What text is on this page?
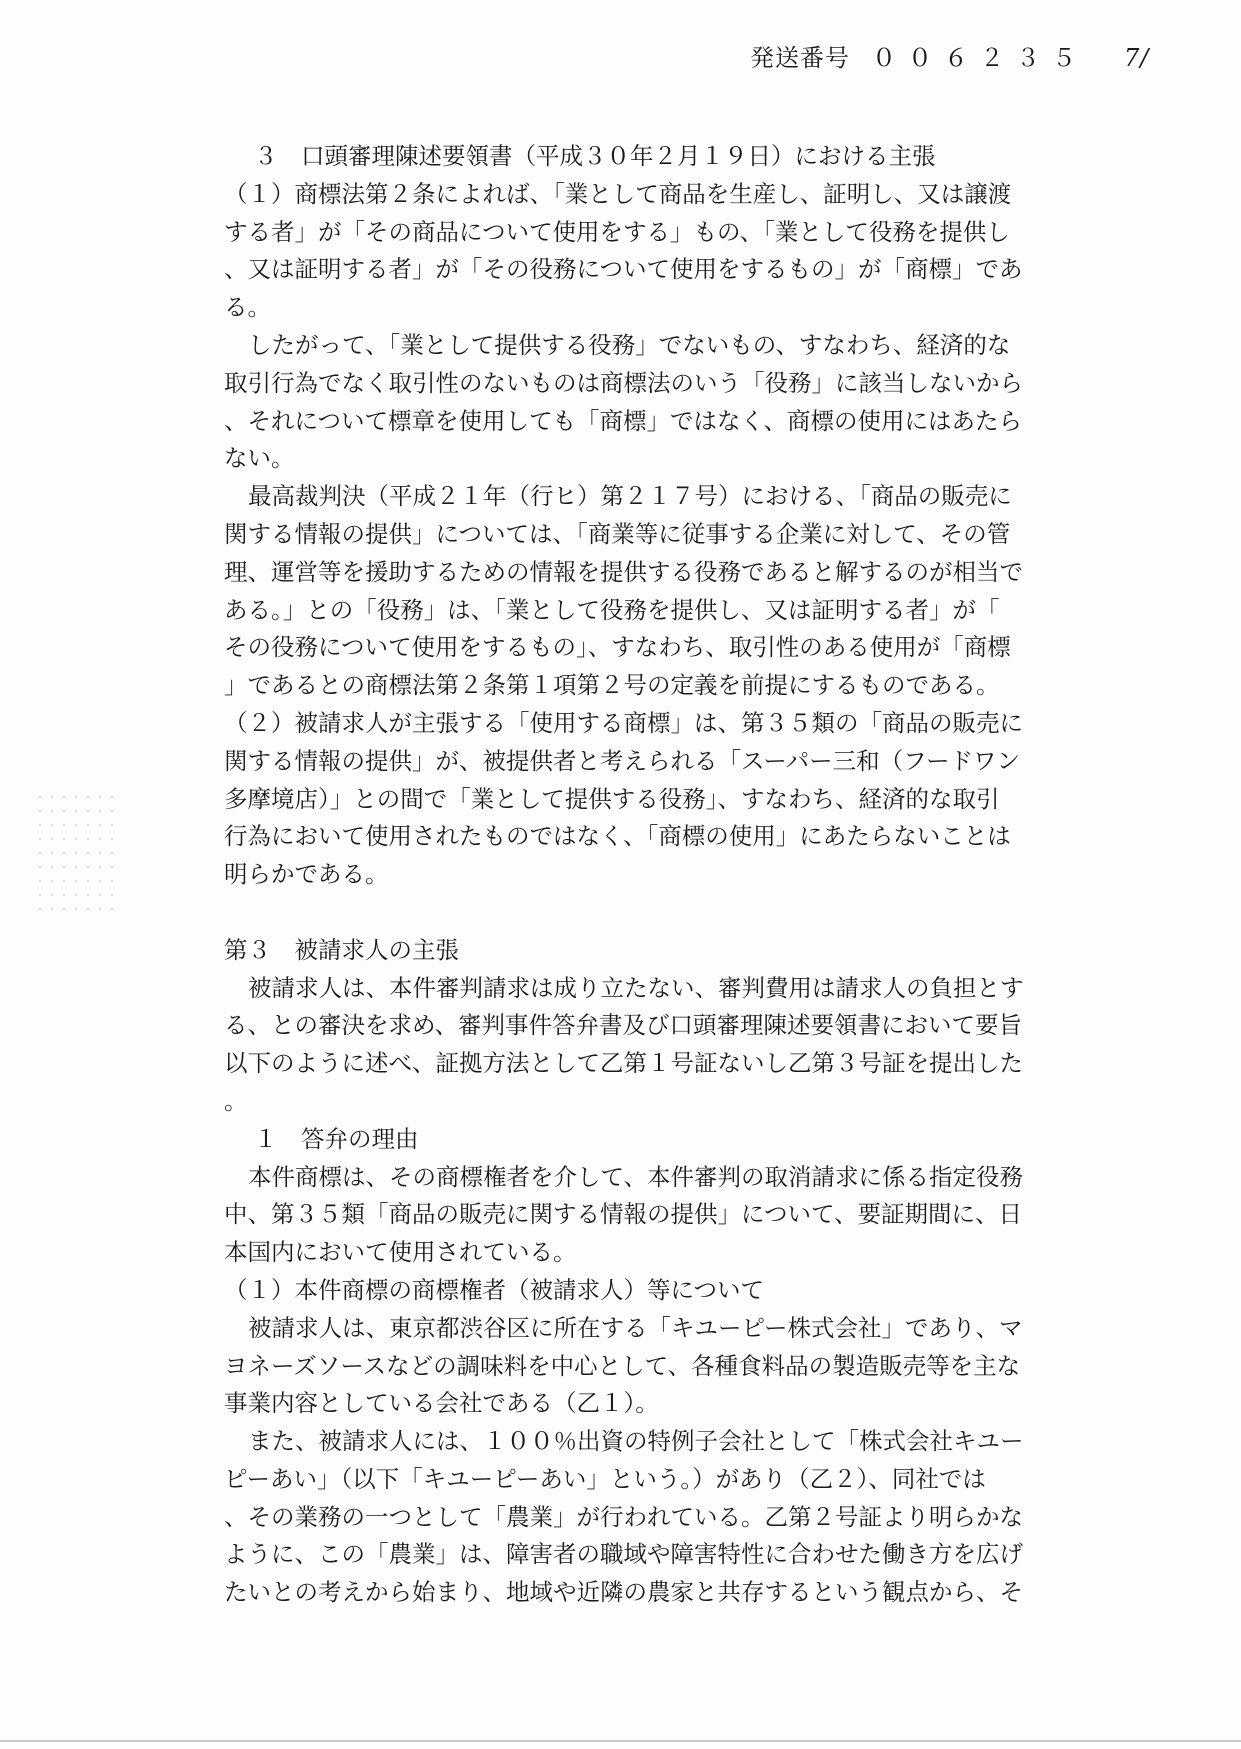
発送番号 ００６２３５ 7/
３　口頭審理陳述要領書（平成３０年２月１９日）における主張
（１）商標法第２条によれば、「業として商品を生産し、証明し、又は譲渡
する者」が「その商品について使用をする」もの、「業として役務を提供し
、又は証明する者」が「その役務について使用をするもの」が「商標」であ
る。
したがって、「業として提供する役務」でないもの、すなわち、経済的な
取引行為でなく取引性のないものは商標法のいう「役務」に該当しないから
、それについて標章を使用しても「商標」ではなく、商標の使用にはあたら
ない。
最高裁判決（平成２１年（行ヒ）第２１７号）における、「商品の販売に
関する情報の提供」については、「商業等に従事する企業に対して、その管
理、運営等を援助するための情報を提供する役務であると解するのが相当で
ある。」との「役務」は、「業として役務を提供し、又は証明する者」が「
その役務について使用をするもの」、すなわち、取引性のある使用が「商標
」であるとの商標法第２条第１項第２号の定義を前提にするものである。
（２）被請求人が主張する「使用する商標」は、第３５類の「商品の販売に
関する情報の提供」が、被提供者と考えられる「スーパー三和（フードワン
多摩境店）」との間で「業として提供する役務」、すなわち、経済的な取引
行為において使用されたものではなく、「商標の使用」にあたらないことは
明らかである。
第３　被請求人の主張
被請求人は、本件審判請求は成り立たない、審判費用は請求人の負担とす
る、との審決を求め、審判事件答弁書及び口頭審理陳述要領書において要旨
以下のように述べ、証拠方法として乙第１号証ないし乙第３号証を提出した
。
１　答弁の理由
本件商標は、その商標権者を介して、本件審判の取消請求に係る指定役務
中、第３５類「商品の販売に関する情報の提供」について、要証期間に、日
本国内において使用されている。
（１）本件商標の商標権者（被請求人）等について
被請求人は、東京都渋谷区に所在する「キユーピー株式会社」であり、マ
ヨネーズソースなどの調味料を中心として、各種食料品の製造販売等を主な
事業内容としている会社である（乙１）。
また、被請求人には、１００％出資の特例子会社として「株式会社キユー
ピーあい」（以下「キユーピーあい」という。）があり（乙２）、同社では
、その業務の一つとして「農業」が行われている。乙第２号証より明らかな
ように、この「農業」は、障害者の職域や障害特性に合わせた働き方を広げ
たいとの考えから始まり、地域や近隣の農家と共存するという観点から、そ
